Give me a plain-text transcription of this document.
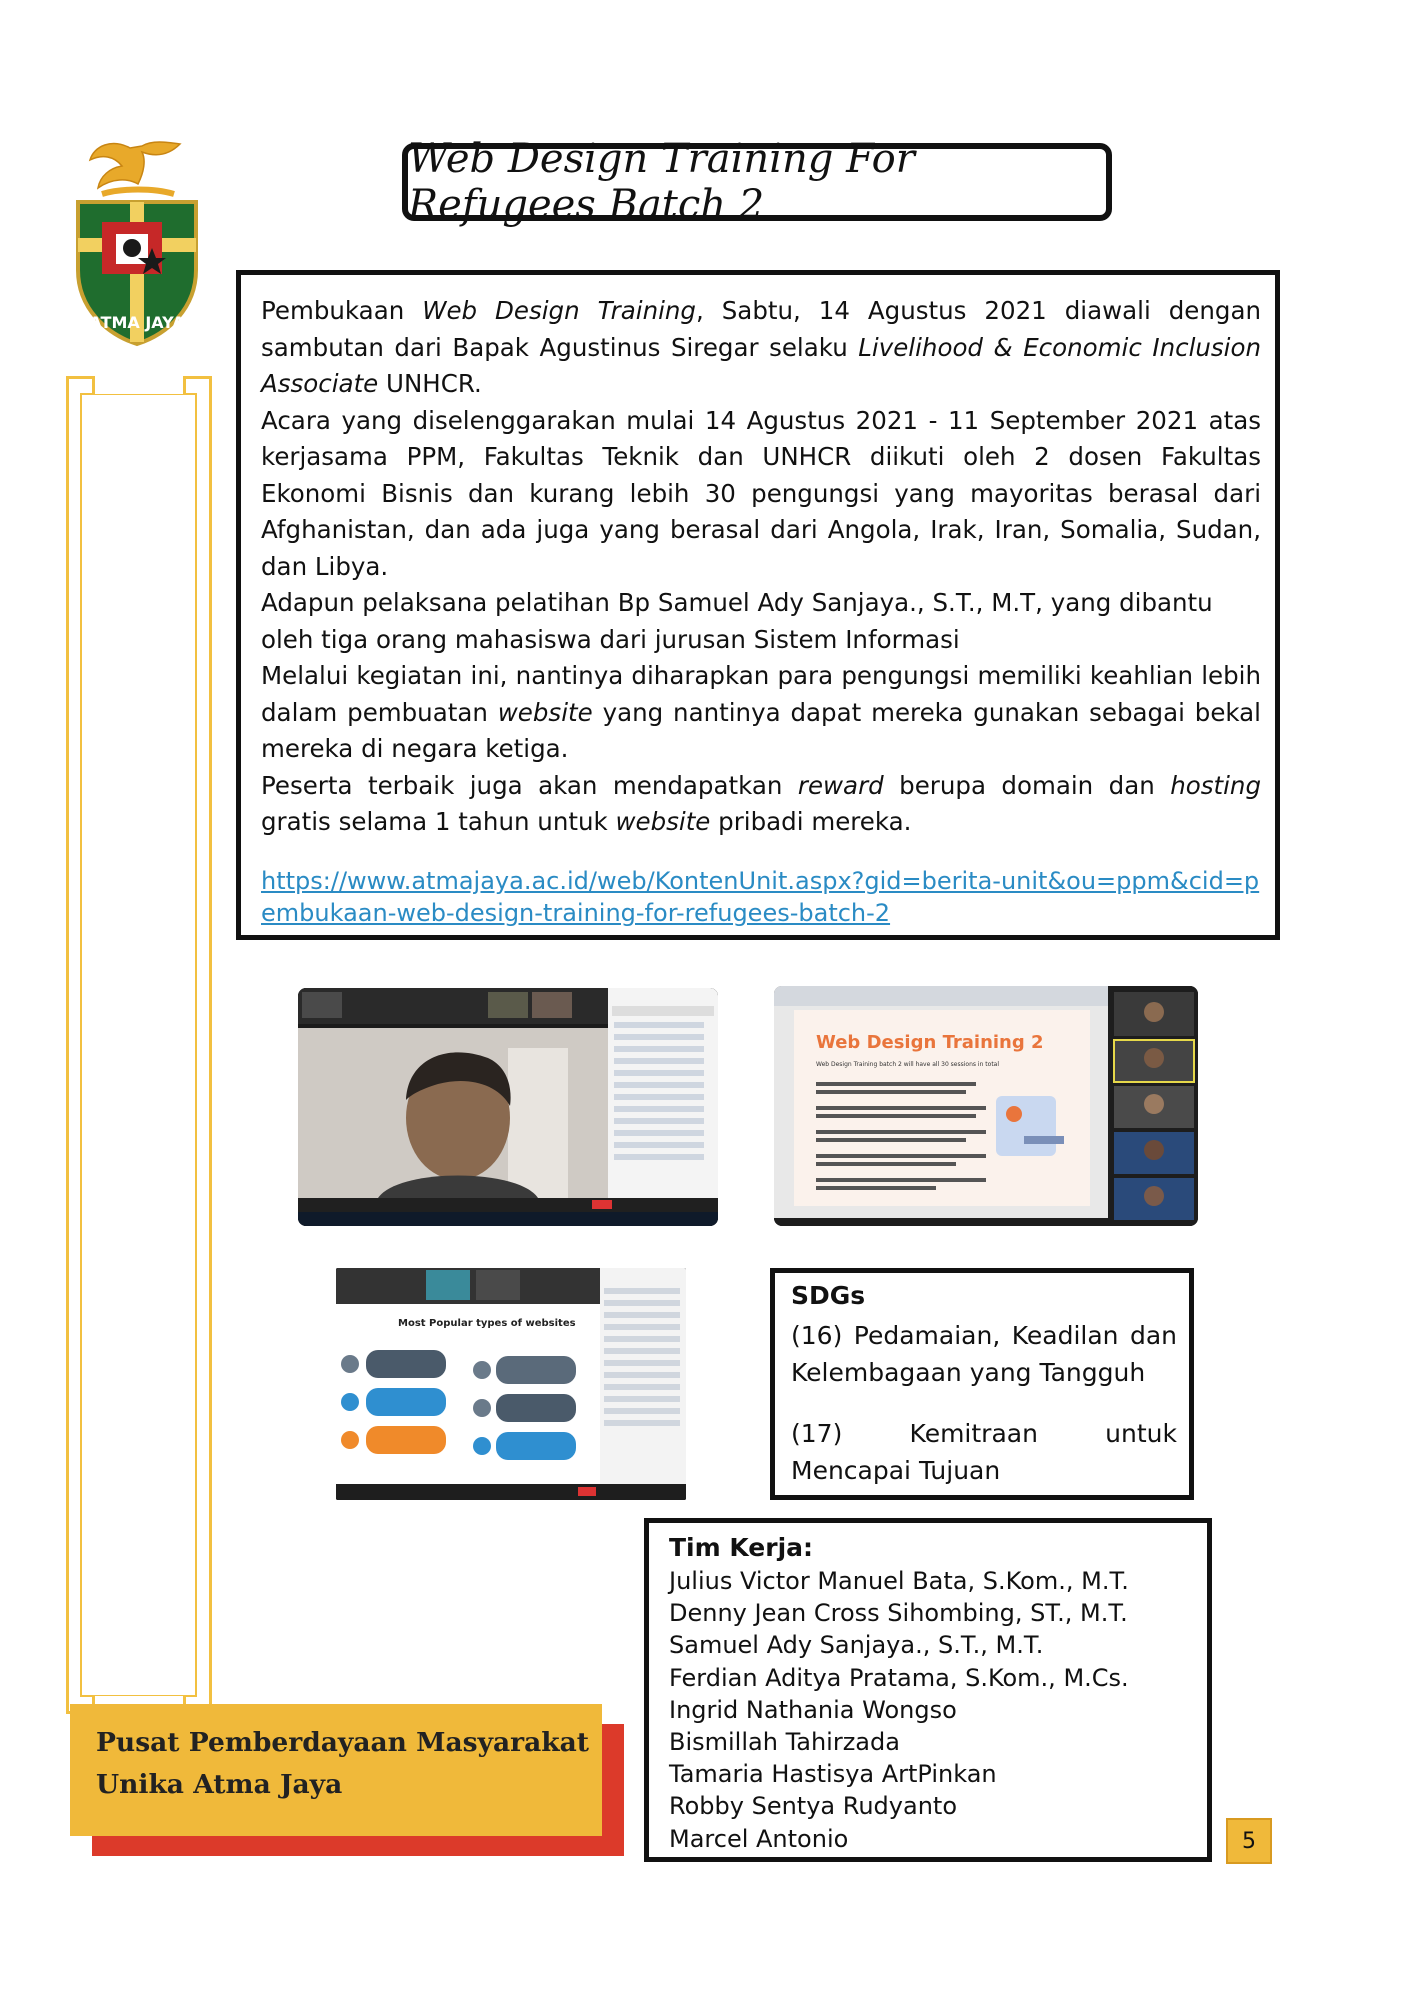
ATMA JAYA
Web Design Training For Refugees Batch 2

Pembukaan Web Design Training, Sabtu, 14 Agustus 2021 diawali dengan sambutan dari Bapak Agustinus Siregar selaku Livelihood & Economic Inclusion Associate UNHCR.

Acara yang diselenggarakan mulai 14 Agustus 2021 - 11 September 2021 atas kerjasama PPM, Fakultas Teknik dan UNHCR diikuti oleh 2 dosen Fakultas Ekonomi Bisnis dan kurang lebih 30 pengungsi yang mayoritas berasal dari Afghanistan, dan ada juga yang berasal dari Angola, Irak, Iran, Somalia, Sudan, dan Libya.

Adapun pelaksana pelatihan Bp Samuel Ady Sanjaya., S.T., M.T, yang dibantu oleh tiga orang mahasiswa dari jurusan Sistem Informasi

Melalui kegiatan ini, nantinya diharapkan para pengungsi memiliki keahlian lebih dalam pembuatan website yang nantinya dapat mereka gunakan sebagai bekal mereka di negara ketiga.

Peserta terbaik juga akan mendapatkan reward berupa domain dan hosting gratis selama 1 tahun untuk website pribadi mereka.

https://www.atmajaya.ac.id/web/KontenUnit.aspx?gid=berita-unit&ou=ppm&cid=pembukaan-web-design-training-for-refugees-batch-2
Web Design Training 2
Web Design Training batch 2 will have all 30 sessions in total
Most Popular types of websites
SDGs
(16) Pedamaian, Keadilan dan Kelembagaan yang Tangguh
(17) Kemitraan untuk Mencapai Tujuan
Tim Kerja:
Julius Victor Manuel Bata, S.Kom., M.T.
Denny Jean Cross Sihombing, ST., M.T.
Samuel Ady Sanjaya., S.T., M.T.
Ferdian Aditya Pratama, S.Kom., M.Cs.
Ingrid Nathania Wongso
Bismillah Tahirzada
Tamaria Hastisya ArtPinkan
Robby Sentya Rudyanto
Marcel Antonio
Pusat Pemberdayaan Masyarakat
Unika Atma Jaya
5
